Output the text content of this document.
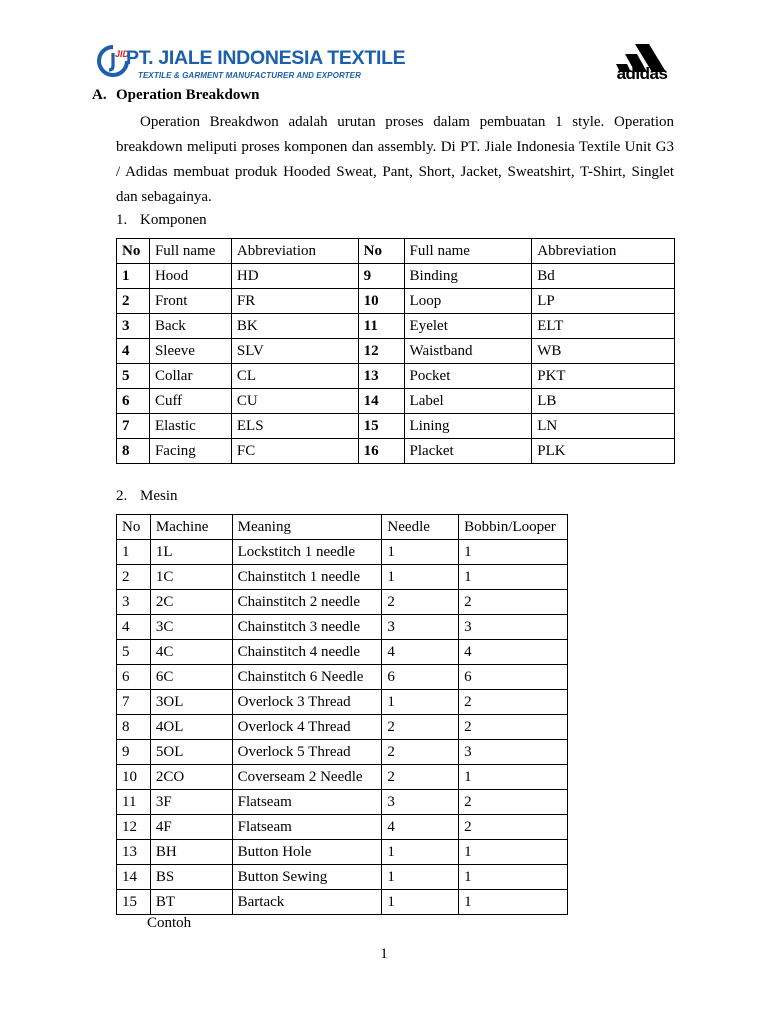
JID
PT. JIALE INDONESIA TEXTILE
TEXTILE & GARMENT MANUFACTURER AND EXPORTER	adidas
A. Operation Breakdown
Operation Breakdwon adalah urutan proses dalam pembuatan 1 style. Operation breakdown meliputi proses komponen dan assembly. Di PT. Jiale Indonesia Textile Unit G3 / Adidas membuat produk Hooded Sweat, Pant, Short, Jacket, Sweatshirt, T-Shirt, Singlet dan sebagainya.
1. Komponen
No	Full name	Abbreviation	No	Full name	Abbreviation
1	Hood	HD	9	Binding	Bd
2	Front	FR	10	Loop	LP
3	Back	BK	11	Eyelet	ELT
4	Sleeve	SLV	12	Waistband	WB
5	Collar	CL	13	Pocket	PKT
6	Cuff	CU	14	Label	LB
7	Elastic	ELS	15	Lining	LN
8	Facing	FC	16	Placket	PLK
2. Mesin
No	Machine	Meaning	Needle	Bobbin/Looper
1	1L	Lockstitch 1 needle	1	1
2	1C	Chainstitch 1 needle	1	1
3	2C	Chainstitch 2 needle	2	2
4	3C	Chainstitch 3 needle	3	3
5	4C	Chainstitch 4 needle	4	4
6	6C	Chainstitch 6 Needle	6	6
7	3OL	Overlock 3 Thread	1	2
8	4OL	Overlock 4 Thread	2	2
9	5OL	Overlock 5 Thread	2	3
10	2CO	Coverseam 2 Needle	2	1
11	3F	Flatseam	3	2
12	4F	Flatseam	4	2
13	BH	Button Hole	1	1
14	BS	Button Sewing	1	1
15	BT	Bartack	1	1
Contoh
1
